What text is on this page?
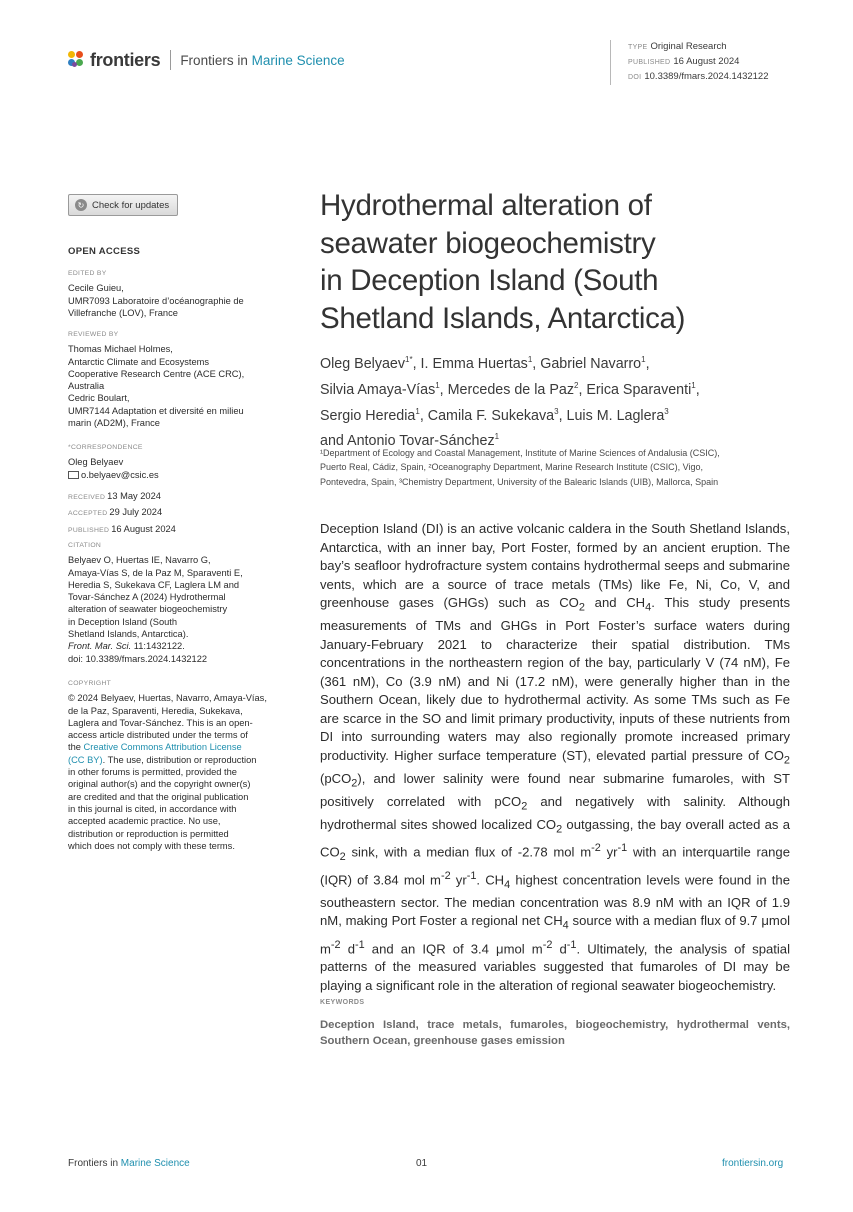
frontiers Frontiers in Marine Science
TYPE Original Research
PUBLISHED 16 August 2024
DOI 10.3389/fmars.2024.1432122
↻ Check for updates
OPEN ACCESS
EDITED BY
Cecile Guieu,
UMR7093 Laboratoire d’océanographie de
Villefranche (LOV), France
REVIEWED BY
Thomas Michael Holmes,
Antarctic Climate and Ecosystems
Cooperative Research Centre (ACE CRC),
Australia
Cedric Boulart,
UMR7144 Adaptation et diversité en milieu
marin (AD2M), France
*CORRESPONDENCE
Oleg Belyaev
o.belyaev@csic.es
RECEIVED 13 May 2024
ACCEPTED 29 July 2024
PUBLISHED 16 August 2024
CITATION
Belyaev O, Huertas IE, Navarro G,
Amaya-Vías S, de la Paz M, Sparaventi E,
Heredia S, Sukekava CF, Laglera LM and
Tovar-Sánchez A (2024) Hydrothermal
alteration of seawater biogeochemistry
in Deception Island (South
Shetland Islands, Antarctica).
Front. Mar. Sci. 11:1432122.
doi: 10.3389/fmars.2024.1432122
COPYRIGHT
© 2024 Belyaev, Huertas, Navarro, Amaya-Vías,
de la Paz, Sparaventi, Heredia, Sukekava,
Laglera and Tovar-Sánchez. This is an open-
access article distributed under the terms of
the Creative Commons Attribution License
(CC BY). The use, distribution or reproduction
in other forums is permitted, provided the
original author(s) and the copyright owner(s)
are credited and that the original publication
in this journal is cited, in accordance with
accepted academic practice. No use,
distribution or reproduction is permitted
which does not comply with these terms.
Hydrothermal alteration of
seawater biogeochemistry
in Deception Island (South
Shetland Islands, Antarctica)
Oleg Belyaev$^{1*}$, I. Emma Huertas$^1$, Gabriel Navarro$^1$,
Silvia Amaya-Vías$^1$, Mercedes de la Paz$^2$, Erica Sparaventi$^1$,
Sergio Heredia$^1$, Camila F. Sukekava$^3$, Luis M. Laglera$^3$
and Antonio Tovar-Sánchez$^1$
¹Department of Ecology and Coastal Management, Institute of Marine Sciences of Andalusia (CSIC),
Puerto Real, Cádiz, Spain, ²Oceanography Department, Marine Research Institute (CSIC), Vigo,
Pontevedra, Spain, ³Chemistry Department, University of the Balearic Islands (UIB), Mallorca, Spain
Deception Island (DI) is an active volcanic caldera in the South Shetland Islands, Antarctica, with an inner bay, Port Foster, formed by an ancient eruption. The bay’s seafloor hydrofracture system contains hydrothermal seeps and submarine vents, which are a source of trace metals (TMs) like Fe, Ni, Co, V, and greenhouse gases (GHGs) such as $CO_2$ and $CH_4$. This study presents measurements of TMs and GHGs in Port Foster’s surface waters during January-February 2021 to characterize their spatial distribution. TMs concentrations in the northeastern region of the bay, particularly V (74 nM), Fe (361 nM), Co (3.9 nM) and Ni (17.2 nM), were generally higher than in the Southern Ocean, likely due to hydrothermal activity. As some TMs such as Fe are scarce in the SO and limit primary productivity, inputs of these nutrients from DI into surrounding waters may also regionally promote increased primary productivity. Higher surface temperature (ST), elevated partial pressure of $CO_2$ (pCO$_2$), and lower salinity were found near submarine fumaroles, with ST positively correlated with pCO$_2$ and negatively with salinity. Although hydrothermal sites showed localized $CO_2$ outgassing, the bay overall acted as a $CO_2$ sink, with a median flux of -2.78 mol $m^{-2}$ $yr^{-1}$ with an interquartile range (IQR) of 3.84 mol $m^{-2}$ $yr^{-1}$. $CH_4$ highest concentration levels were found in the southeastern sector. The median concentration was 8.9 nM with an IQR of 1.9 nM, making Port Foster a regional net $CH_4$ source with a median flux of 9.7 μmol $m^{-2}$ $d^{-1}$ and an IQR of 3.4 μmol $m^{-2}$ $d^{-1}$. Ultimately, the analysis of spatial patterns of the measured variables suggested that fumaroles of DI may be playing a significant role in the alteration of regional seawater biogeochemistry.
KEYWORDS
Deception Island, trace metals, fumaroles, biogeochemistry, hydrothermal vents, Southern Ocean, greenhouse gases emission
Frontiers in Marine Science	01	frontiersin.org
